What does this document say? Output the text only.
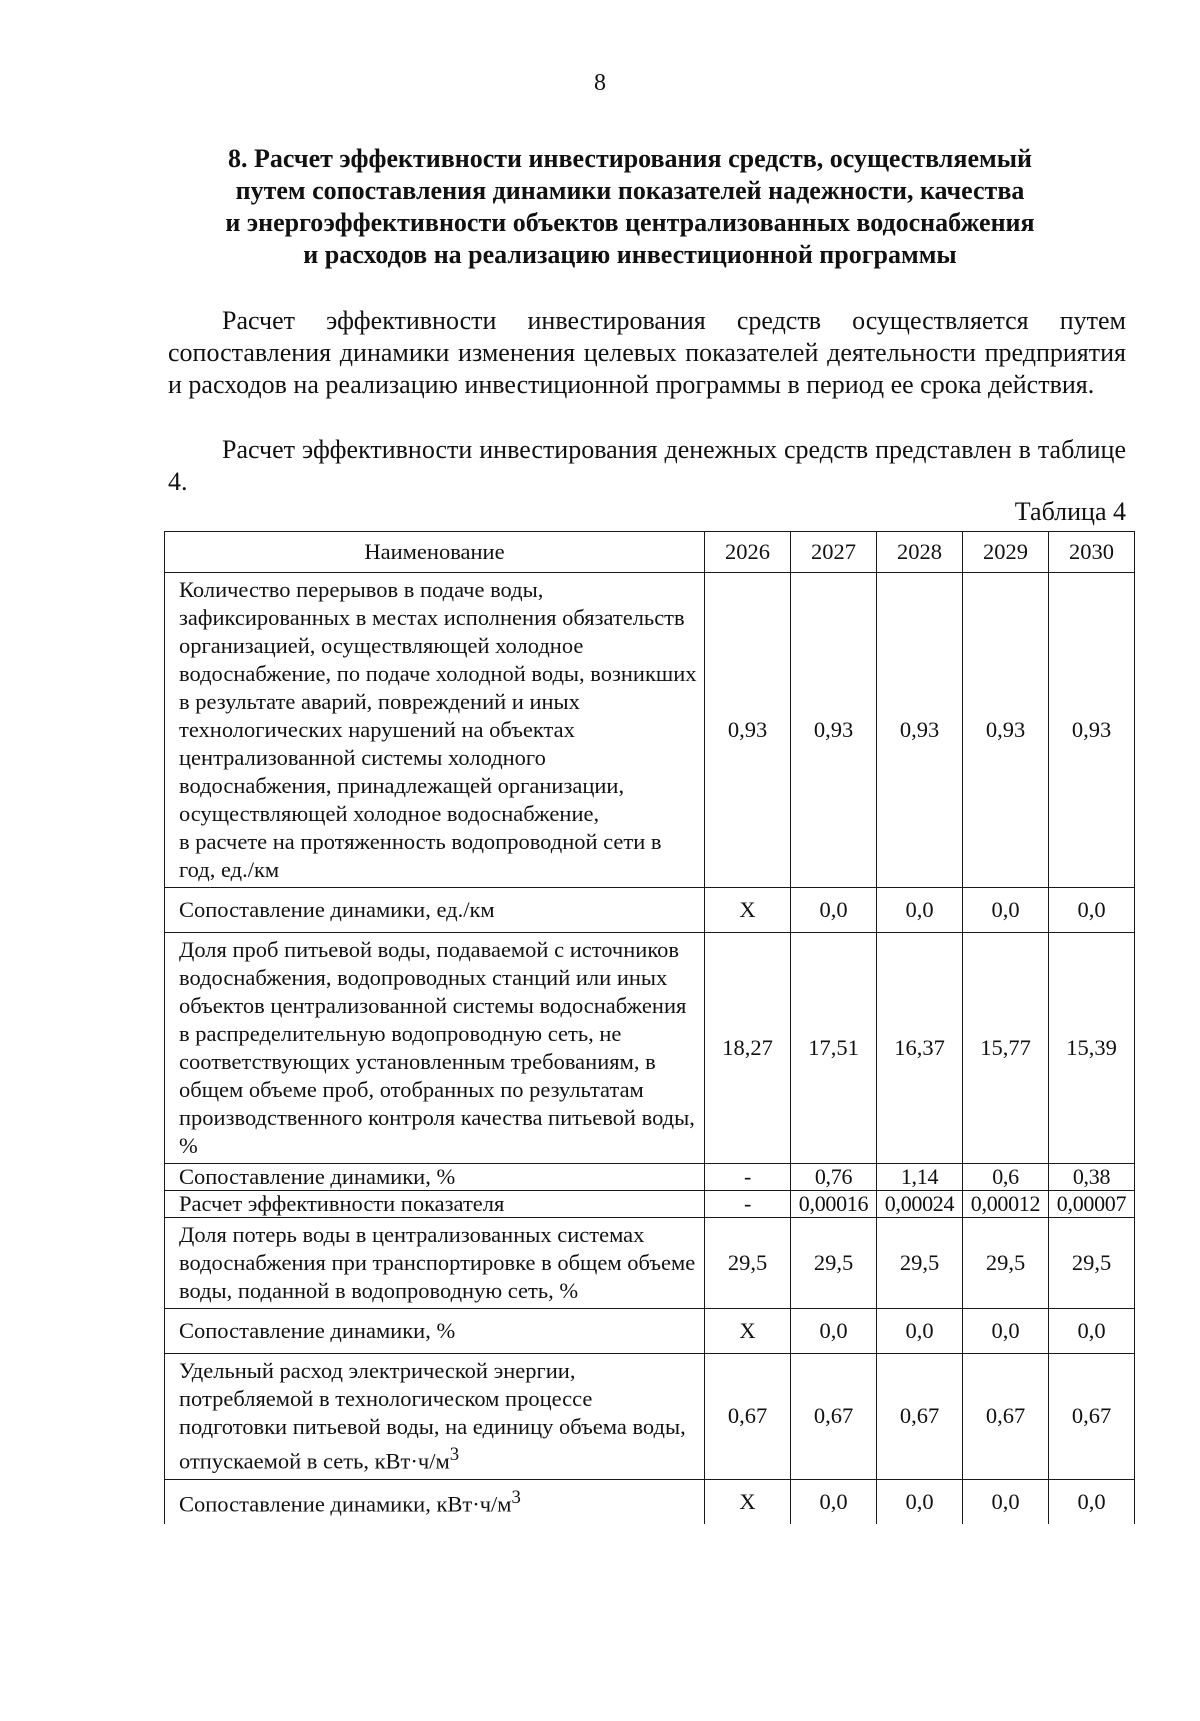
8
8. Расчет эффективности инвестирования средств, осуществляемый
путем сопоставления динамики показателей надежности, качества
и энергоэффективности объектов централизованных водоснабжения
и расходов на реализацию инвестиционной программы

Расчет эффективности инвестирования средств осуществляется путем сопоставления динамики изменения целевых показателей деятельности предприятия и расходов на реализацию инвестиционной программы в период ее срока действия.

Расчет эффективности инвестирования денежных средств представлен в таблице 4.

Таблица 4
Наименование	2026	2027	2028	2029	2030
Количество перерывов в подаче воды, зафиксированных в местах исполнения обязательств организацией, осуществляющей холодное водоснабжение, по подаче холодной воды, возникших в результате аварий, повреждений и иных технологических нарушений на объектах централизованной системы холодного водоснабжения, принадлежащей организации, осуществляющей холодное водоснабжение,
в расчете на протяженность водопроводной сети в год, ед./км	0,93	0,93	0,93	0,93	0,93
Сопоставление динамики, ед./км	Х	0,0	0,0	0,0	0,0
Доля проб питьевой воды, подаваемой с источников водоснабжения, водопроводных станций или иных объектов централизованной системы водоснабжения в распределительную водопроводную сеть, не соответствующих установленным требованиям, в общем объеме проб, отобранных по результатам производственного контроля качества питьевой воды, %	18,27	17,51	16,37	15,77	15,39
Сопоставление динамики, %	-	0,76	1,14	0,6	0,38
Расчет эффективности показателя	-	0,00016	0,00024	0,00012	0,00007
Доля потерь воды в централизованных системах водоснабжения при транспортировке в общем объеме воды, поданной в водопроводную сеть, %	29,5	29,5	29,5	29,5	29,5
Сопоставление динамики, %	Х	0,0	0,0	0,0	0,0
Удельный расход электрической энергии, потребляемой в технологическом процессе подготовки питьевой воды, на единицу объема воды, отпускаемой в сеть, $кВт\cdot ч/м^3$	0,67	0,67	0,67	0,67	0,67
Сопоставление динамики, $кВт\cdot ч/м^3$	Х	0,0	0,0	0,0	0,0
